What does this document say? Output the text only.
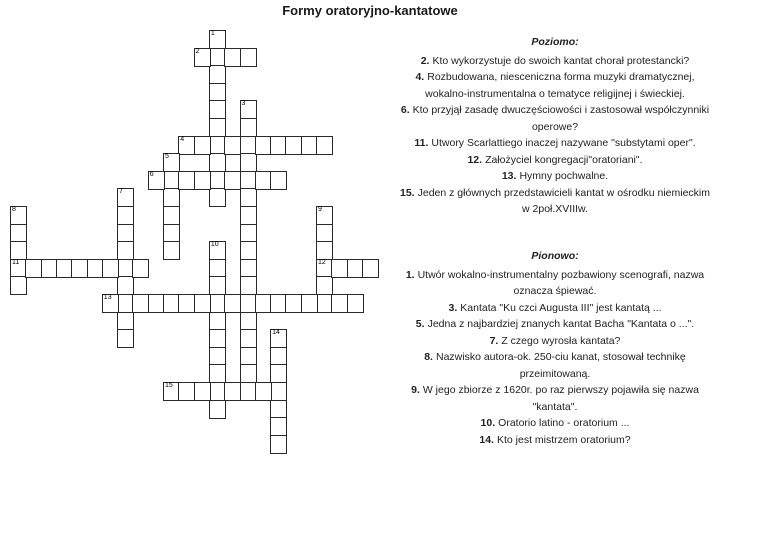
Formy oratoryjno-kantatowe
1
2
3
4
5
6
7
8	9
10
11	12
13
14
15
Poziomo:
2. Kto wykorzystuje do swoich kantat chorał protestancki?
4. Rozbudowana, niesceniczna forma muzyki dramatycznej, wokalno-instrumentalna o tematyce religijnej i świeckiej.
6. Kto przyjął zasadę dwuczęściowości i zastosował współczynniki operowe?
11. Utwory Scarlattiego inaczej nazywane "substytami oper".
12. Założyciel kongregacji"oratoriani".
13. Hymny pochwalne.
15. Jeden z głównych przedstawicieli kantat w ośrodku niemieckim w 2poł.XVIIIw.
Pionowo:
1. Utwór wokalno-instrumentalny pozbawiony scenografi, nazwa oznacza śpiewać.
3. Kantata "Ku czci Augusta III" jest kantatą ...
5. Jedna z najbardziej znanych kantat Bacha "Kantata o ...".
7. Z czego wyrosła kantata?
8. Nazwisko autora-ok. 250-ciu kanat, stosował technikę przeimitowaną.
9. W jego zbiorze z 1620r. po raz pierwszy pojawiła się nazwa "kantata".
10. Oratorio latino - oratorium ...
14. Kto jest mistrzem oratorium?
